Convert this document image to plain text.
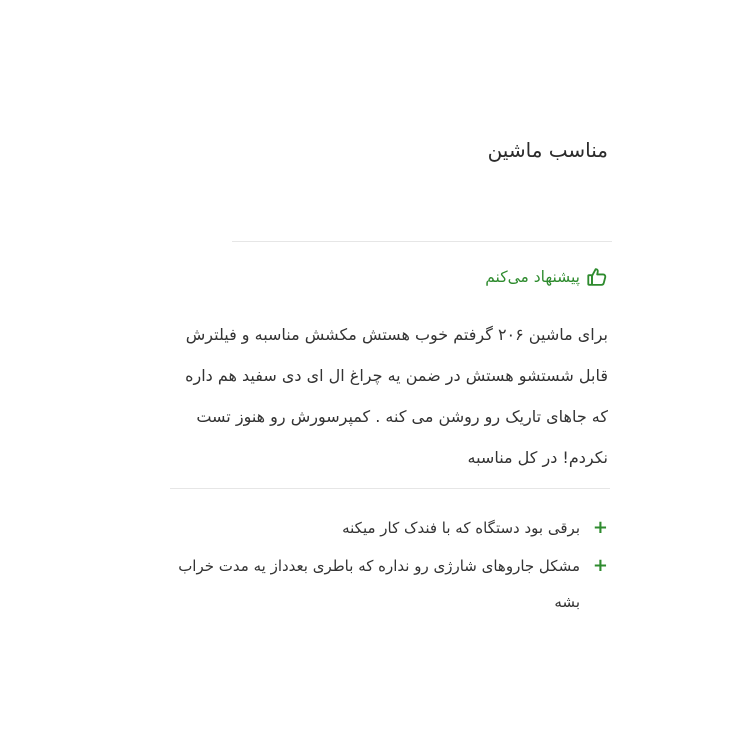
مناسب ماشین
پیشنهاد می‌کنم

برای ماشین ۲۰۶ گرفتم خوب هستش مکشش مناسبه و فیلترش قابل شستشو هستش در ضمن یه چراغ ال ای دی سفید هم داره که جاهای تاریک رو روشن می کنه . کمپرسورش رو هنوز تست نکردم! در کل مناسبه

+
برقی بود دستگاه که با فندک کار میکنه
+
مشکل جاروهای شارژی رو نداره که باطری بعدداز یه مدت خراب بشه
